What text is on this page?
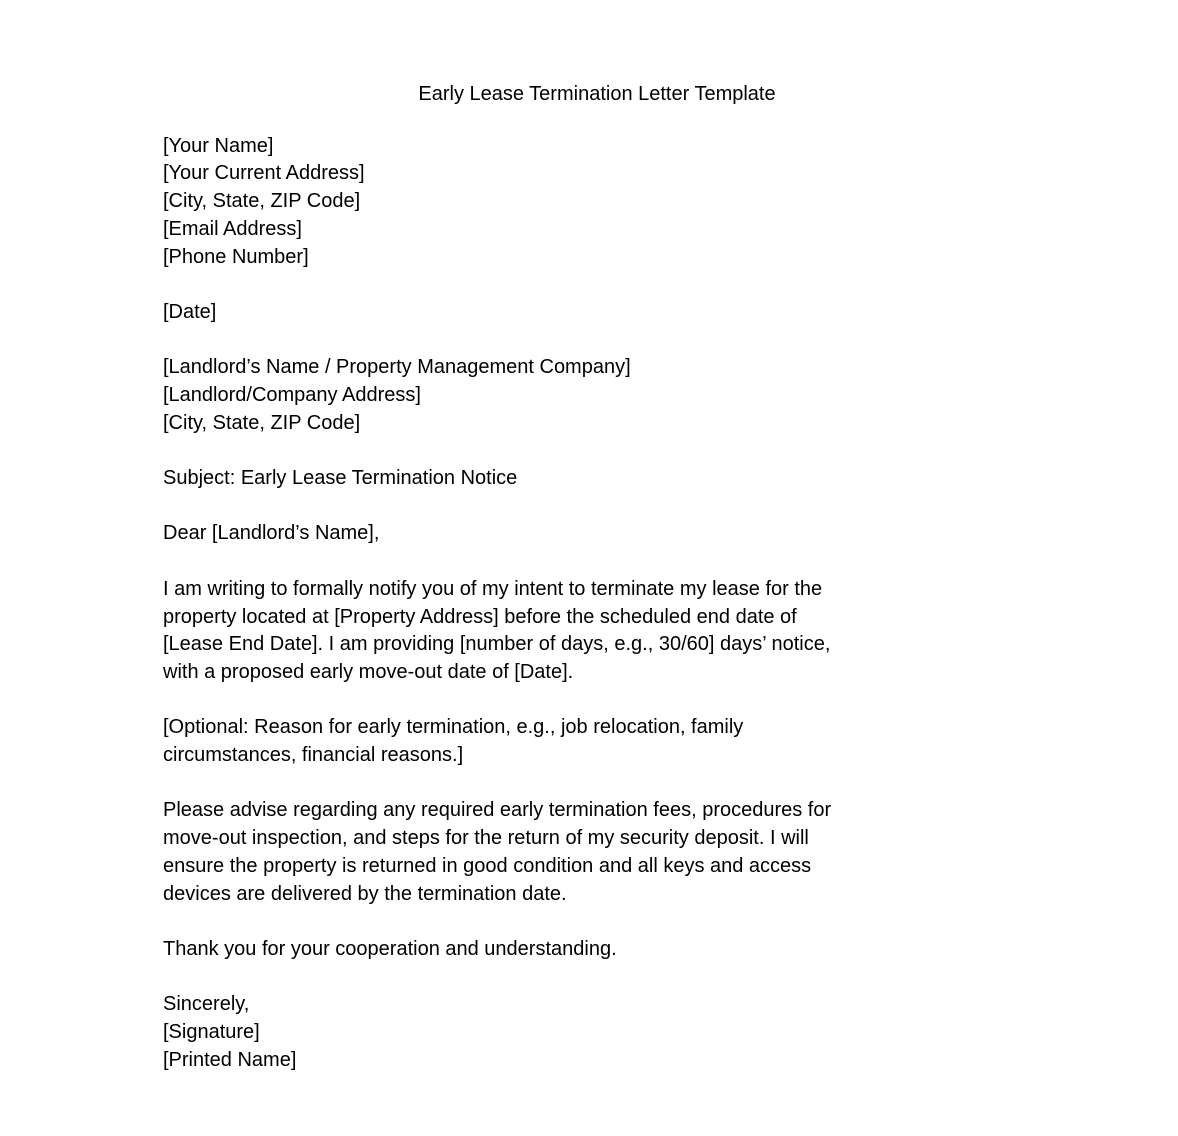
Early Lease Termination Letter Template
[Your Name]
[Your Current Address]
[City, State, ZIP Code]
[Email Address]
[Phone Number]
[Date]
[Landlord’s Name / Property Management Company]
[Landlord/Company Address]
[City, State, ZIP Code]
Subject: Early Lease Termination Notice
Dear [Landlord’s Name],
I am writing to formally notify you of my intent to terminate my lease for the
property located at [Property Address] before the scheduled end date of
[Lease End Date]. I am providing [number of days, e.g., 30/60] days’ notice,
with a proposed early move-out date of [Date].
[Optional: Reason for early termination, e.g., job relocation, family
circumstances, financial reasons.]
Please advise regarding any required early termination fees, procedures for
move-out inspection, and steps for the return of my security deposit. I will
ensure the property is returned in good condition and all keys and access
devices are delivered by the termination date.
Thank you for your cooperation and understanding.
Sincerely,
[Signature]
[Printed Name]
